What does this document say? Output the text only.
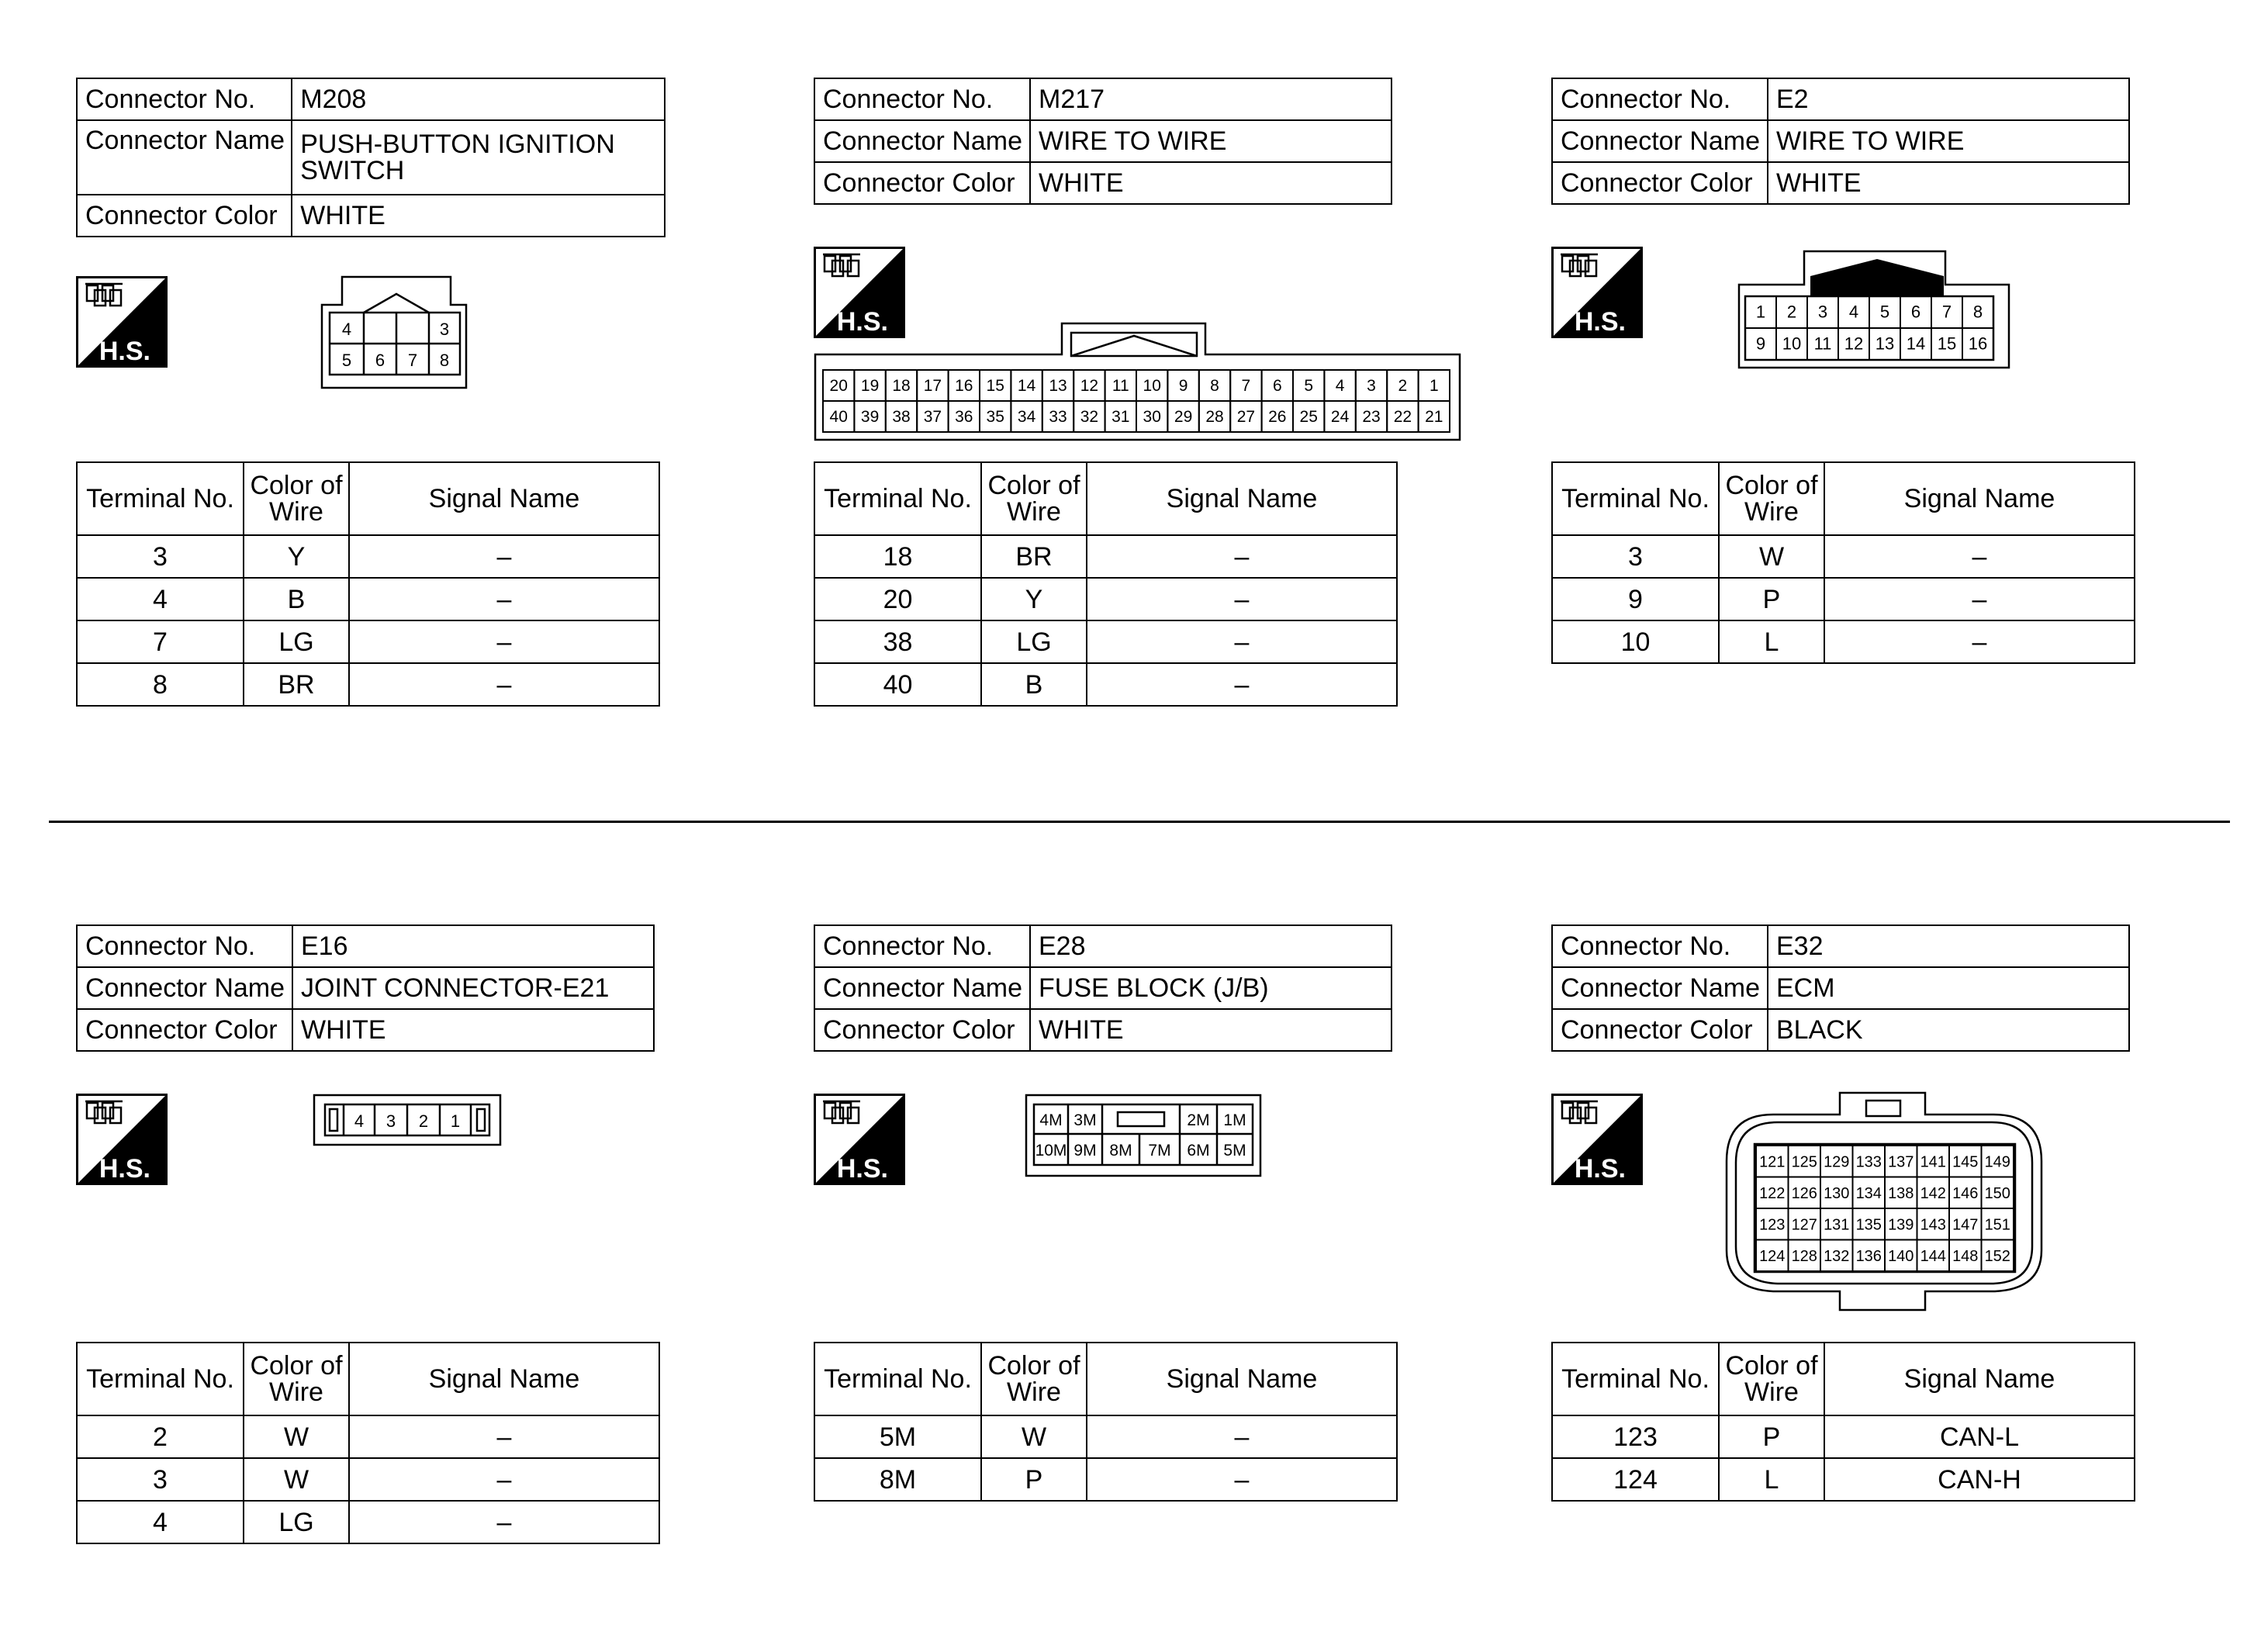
Connector No.	M208
Connector Name	PUSH-BUTTON IGNITION SWITCH
Connector Color	WHITE
H.S.
4	3
5 6 7 8
Terminal No.	Color of Wire	Signal Name
3	Y	–
4	B	–
7	LG	–
8	BR	–
Connector No.	M217
Connector Name	WIRE TO WIRE
Connector Color	WHITE
H.S.
20 19 18 17 16 15 14 13 12 11 10 9 8 7 6 5 4 3 2 1
40 39 38 37 36 35 34 33 32 31 30 29 28 27 26 25 24 23 22 21
Terminal No.	Color of Wire	Signal Name
18	BR	–
20	Y	–
38	LG	–
40	B	–
Connector No.	E2
Connector Name	WIRE TO WIRE
Connector Color	WHITE
H.S.	1 2 3 4 5 6 7 8
9 10 11 12 13 14 15 16
Terminal No.	Color of Wire	Signal Name
3	W	–
9	P	–
10	L	–
Connector No.	E16
Connector Name	JOINT CONNECTOR-E21
Connector Color	WHITE
H.S.
4 3 2 1
Terminal No.	Color of Wire	Signal Name
2	W	–
3	W	–
4	LG	–
Connector No.	E28
Connector Name	FUSE BLOCK (J/B)
Connector Color	WHITE
H.S.
4M 3M	2M 1M
10M 9M 8M 7M 6M 5M
Terminal No.	Color of Wire	Signal Name
5M	W	–
8M	P	–
Connector No.	E32
Connector Name	ECM
Connector Color	BLACK
H.S.	121 125 129 133 137 141 145 149
122 126 130 134 138 142 146 150
123 127 131 135 139 143 147 151
124 128 132 136 140 144 148 152
Terminal No.	Color of Wire	Signal Name
123	P	CAN-L
124	L	CAN-H
